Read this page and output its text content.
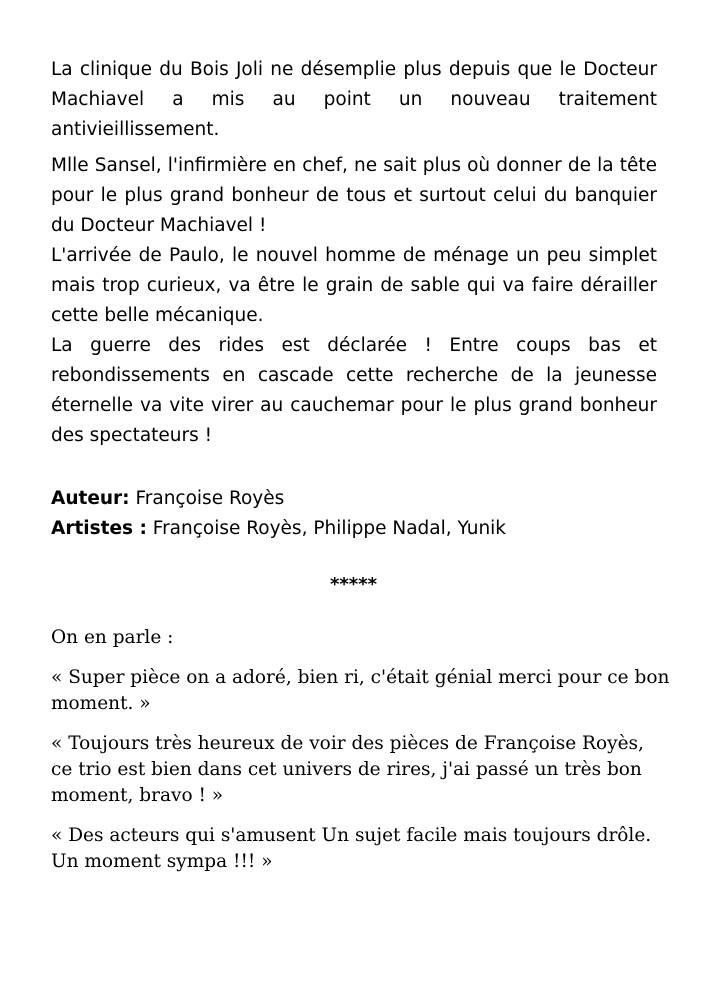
La clinique du Bois Joli ne désemplie plus depuis que le Docteur Machiavel a mis au point un nouveau traitement antivieillissement.

Mlle Sansel, l'infirmière en chef, ne sait plus où donner de la tête pour le plus grand bonheur de tous et surtout celui du banquier du Docteur Machiavel !

L'arrivée de Paulo, le nouvel homme de ménage un peu simplet mais trop curieux, va être le grain de sable qui va faire dérailler cette belle mécanique.

La guerre des rides est déclarée ! Entre coups bas et rebondissements en cascade cette recherche de la jeunesse éternelle va vite virer au cauchemar pour le plus grand bonheur des spectateurs !

Auteur: Françoise Royès
Artistes : Françoise Royès, Philippe Nadal, Yunik
*****

On en parle :

« Super pièce on a adoré, bien ri, c'était génial merci pour ce bon moment. »

« Toujours très heureux de voir des pièces de Françoise Royès, ce trio est bien dans cet univers de rires, j'ai passé un très bon moment, bravo ! »

« Des acteurs qui s'amusent Un sujet facile mais toujours drôle. Un moment sympa !!! »
